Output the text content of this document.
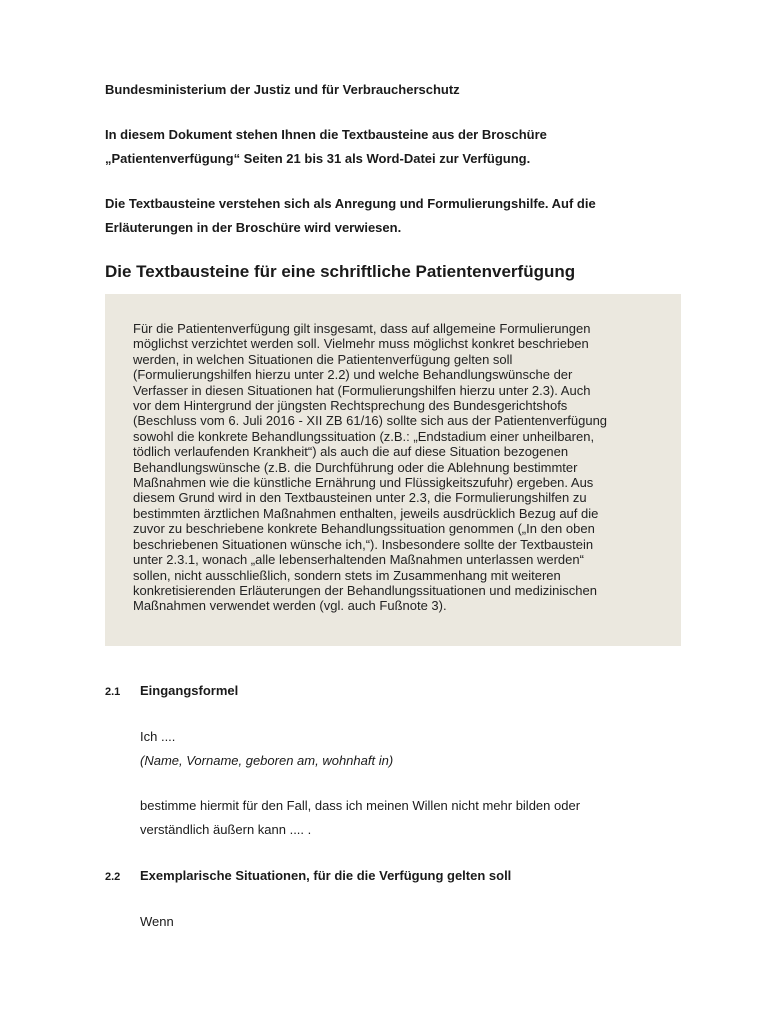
Bundesministerium der Justiz und für Verbraucherschutz

In diesem Dokument stehen Ihnen die Textbausteine aus der Broschüre

„Patientenverfügung“ Seiten 21 bis 31 als Word-Datei zur Verfügung.

Die Textbausteine verstehen sich als Anregung und Formulierungshilfe. Auf die

Erläuterungen in der Broschüre wird verwiesen.

Die Textbausteine für eine schriftliche Patientenverfügung

Für die Patientenverfügung gilt insgesamt, dass auf allgemeine Formulierungen
möglichst verzichtet werden soll. Vielmehr muss möglichst konkret beschrieben
werden, in welchen Situationen die Patientenverfügung gelten soll
(Formulierungshilfen hierzu unter 2.2) und welche Behandlungswünsche der
Verfasser in diesen Situationen hat (Formulierungshilfen hierzu unter 2.3). Auch
vor dem Hintergrund der jüngsten Rechtsprechung des Bundesgerichtshofs
(Beschluss vom 6. Juli 2016 - XII ZB 61/16) sollte sich aus der Patientenverfügung
sowohl die konkrete Behandlungssituation (z.B.: „Endstadium einer unheilbaren,
tödlich verlaufenden Krankheit“) als auch die auf diese Situation bezogenen
Behandlungswünsche (z.B. die Durchführung oder die Ablehnung bestimmter
Maßnahmen wie die künstliche Ernährung und Flüssigkeitszufuhr) ergeben. Aus
diesem Grund wird in den Textbausteinen unter 2.3, die Formulierungshilfen zu
bestimmten ärztlichen Maßnahmen enthalten, jeweils ausdrücklich Bezug auf die
zuvor zu beschriebene konkrete Behandlungssituation genommen („In den oben
beschriebenen Situationen wünsche ich,“). Insbesondere sollte der Textbaustein
unter 2.3.1, wonach „alle lebenserhaltenden Maßnahmen unterlassen werden“
sollen, nicht ausschließlich, sondern stets im Zusammenhang mit weiteren
konkretisierenden Erläuterungen der Behandlungssituationen und medizinischen
Maßnahmen verwendet werden (vgl. auch Fußnote 3).

2.1 Eingangsformel

Ich ....

(Name, Vorname, geboren am, wohnhaft in)

bestimme hiermit für den Fall, dass ich meinen Willen nicht mehr bilden oder

verständlich äußern kann .... .

2.2 Exemplarische Situationen, für die die Verfügung gelten soll

Wenn
